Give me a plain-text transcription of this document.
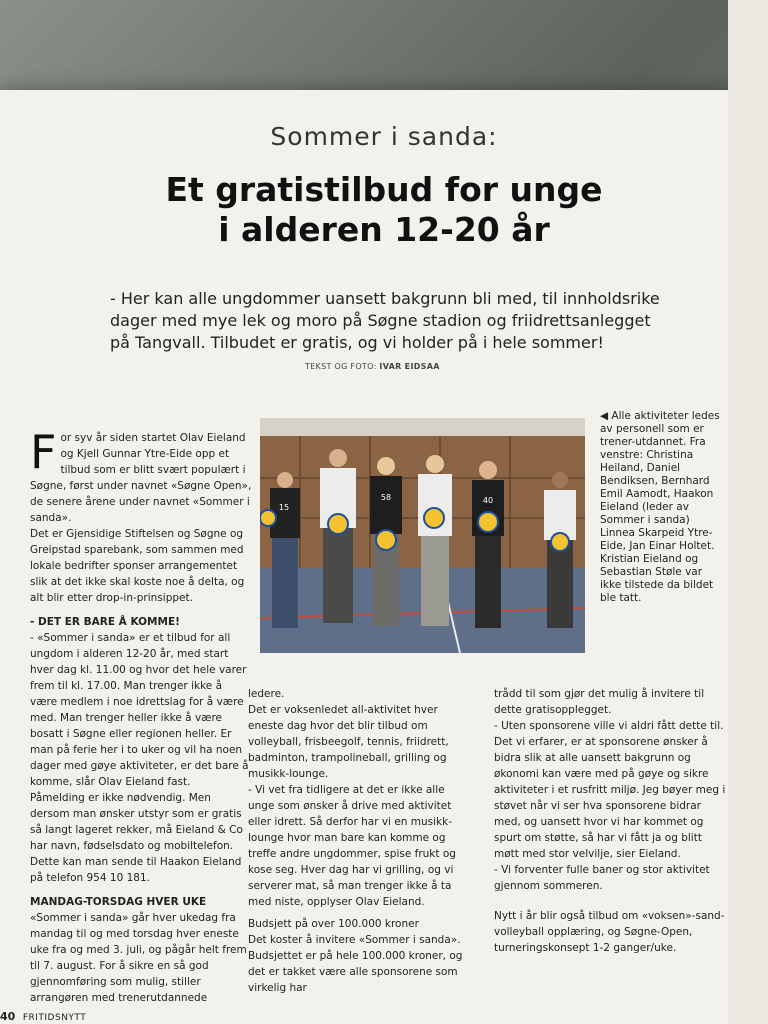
Sommer i sanda:
Et gratistilbud for unge
i alderen 12-20 år
- Her kan alle ungdommer uansett bakgrunn bli med, til innholdsrike dager med mye lek og moro på Søgne stadion og friidrettsanlegget på Tangvall. Tilbudet er gratis, og vi holder på i hele sommer!
TEKST OG FOTO: IVAR EIDSAA
15
58	40
◀ Alle aktiviteter ledes av personell som er trener-utdannet. Fra venstre: Christina Heiland, Daniel Bendiksen, Bernhard Emil Aamodt, Haakon Eieland (leder av Sommer i sanda) Linnea Skarpeid Ytre-Eide, Jan Einar Holtet. Kristian Eieland og Sebastian Støle var ikke tilstede da bildet ble tatt.

For syv år siden startet Olav Eieland og Kjell Gunnar Ytre-Eide opp et tilbud som er blitt svært populært i Søgne, først under navnet «Søgne Open», de senere årene under navnet «Sommer i sanda».

Det er Gjensidige Stiftelsen og Søgne og Greipstad sparebank, som sammen med lokale bedrifter sponser arrangementet slik at det ikke skal koste noe å delta, og alt blir etter drop-in-prinsippet.

- DET ER BARE Å KOMME!

- «Sommer i sanda» er et tilbud for all ungdom i alderen 12-20 år, med start hver dag kl. 11.00 og hvor det hele varer frem til kl. 17.00. Man trenger ikke å være medlem i noe idrettslag for å være med. Man trenger heller ikke å være bosatt i Søgne eller regionen heller. Er man på ferie her i to uker og vil ha noen dager med gøye aktiviteter, er det bare å komme, slår Olav Eieland fast.

Påmelding er ikke nødvendig. Men dersom man ønsker utstyr som er gratis så langt lageret rekker, må Eieland & Co har navn, fødselsdato og mobiltelefon. Dette kan man sende til Haakon Eieland på telefon 954 10 181.

MANDAG-TORSDAG HVER UKE

«Sommer i sanda» går hver ukedag fra mandag til og med torsdag hver eneste uke fra og med 3. juli, og pågår helt frem til 7. august. For å sikre en så god gjennomføring som mulig, stiller arrangøren med trenerutdannede

ledere.

Det er voksenledet all-aktivitet hver eneste dag hvor det blir tilbud om volleyball, frisbeegolf, tennis, friidrett, badminton, trampolineball, grilling og musikk-lounge.

- Vi vet fra tidligere at det er ikke alle unge som ønsker å drive med aktivitet eller idrett. Så derfor har vi en musikk-lounge hvor man bare kan komme og treffe andre ungdommer, spise frukt og kose seg. Hver dag har vi grilling, og vi serverer mat, så man trenger ikke å ta med niste, opplyser Olav Eieland.

Budsjett på over 100.000 kroner

Det koster å invitere «Sommer i sanda». Budsjettet er på hele 100.000 kroner, og det er takket være alle sponsorene som virkelig har

trådd til som gjør det mulig å invitere til dette gratisopplegget.

- Uten sponsorene ville vi aldri fått dette til. Det vi erfarer, er at sponsorene ønsker å bidra slik at alle uansett bakgrunn og økonomi kan være med på gøye og sikre aktiviteter i et rusfritt miljø. Jeg bøyer meg i støvet når vi ser hva sponsorene bidrar med, og uansett hvor vi har kommet og spurt om støtte, så har vi fått ja og blitt møtt med stor velvilje, sier Eieland.

- Vi forventer fulle baner og stor aktivitet gjennom sommeren.

Nytt i år blir også tilbud om «voksen»-sand-volleyball opplæring, og Søgne-Open, turneringskonsept 1-2 ganger/uke.

40 FRITIDSNYTT
